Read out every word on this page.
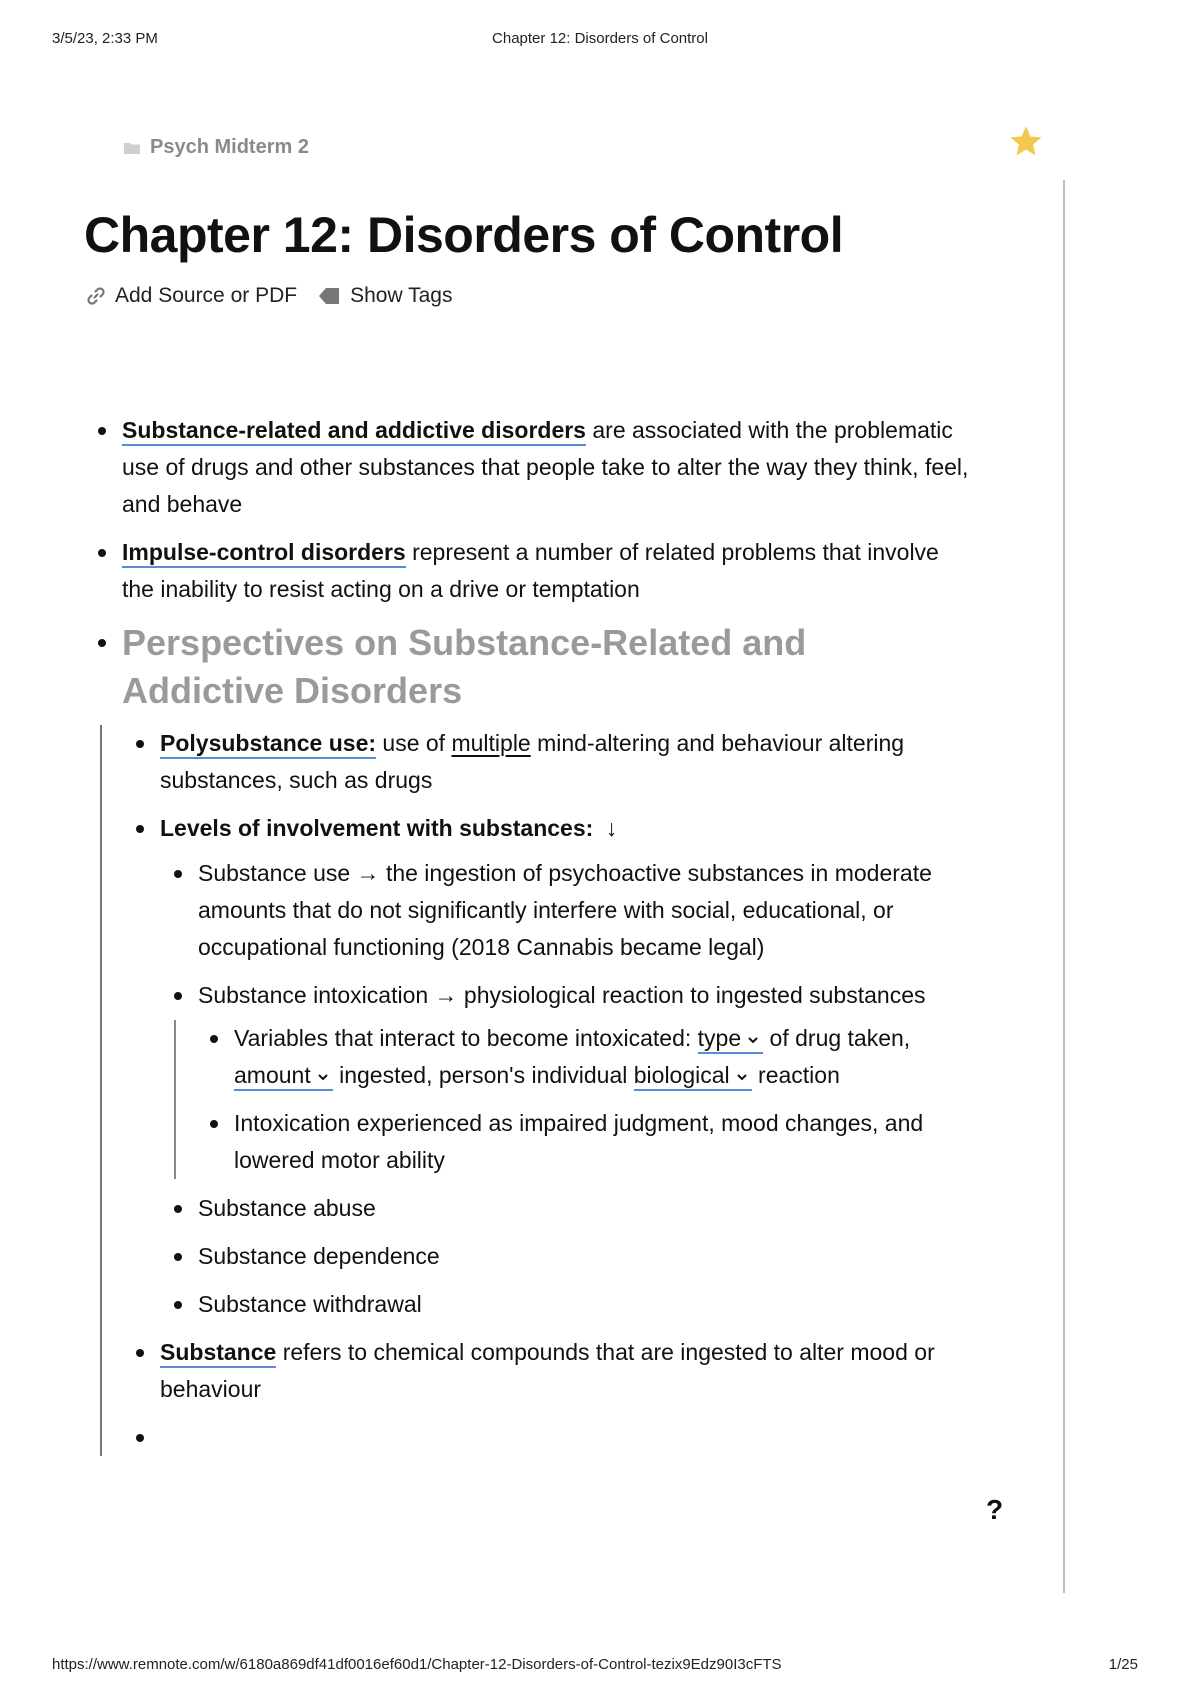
3/5/23, 2:33 PM	Chapter 12: Disorders of Control
Psych Midterm 2
Chapter 12: Disorders of Control
Add Source or PDF	Show Tags
Substance-related and addictive disorders are associated with the problematic use of drugs and other substances that people take to alter the way they think, feel, and behave
Impulse-control disorders represent a number of related problems that involve the inability to resist acting on a drive or temptation
Perspectives on Substance-Related and Addictive Disorders
Polysubstance use: use of multiple mind-altering and behaviour altering substances, such as drugs
Levels of involvement with substances: ↓
Substance use → the ingestion of psychoactive substances in moderate amounts that do not significantly interfere with social, educational, or occupational functioning (2018 Cannabis became legal)
Substance intoxication → physiological reaction to ingested substances
Variables that interact to become intoxicated: type of drug taken, amount ingested, person's individual biological reaction
Intoxication experienced as impaired judgment, mood changes, and lowered motor ability
Substance abuse
Substance dependence
Substance withdrawal
Substance refers to chemical compounds that are ingested to alter mood or behaviour
?
https://www.remnote.com/w/6180a869df41df0016ef60d1/Chapter-12-Disorders-of-Control-tezix9Edz90I3cFTS	1/25
